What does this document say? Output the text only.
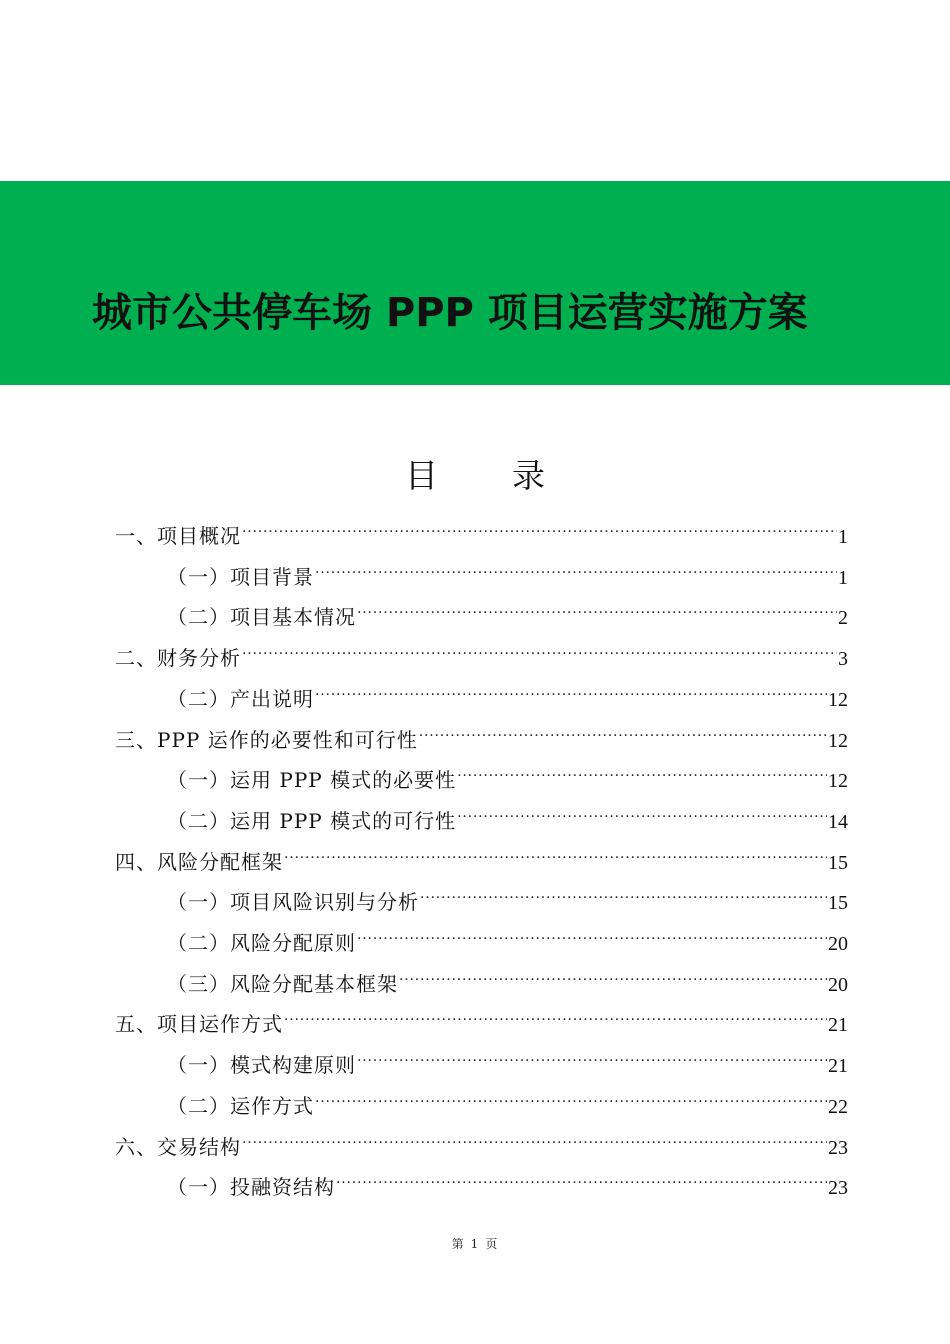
城市公共停车场 PPP 项目运营实施方案
目 录
一、项目概况 .....	1
（一）项目背景 .....	1
（二）项目基本情况 .....	2
二、财务分析 .....	3
（二）产出说明 .....	12
三、PPP 运作的必要性和可行性 .....	12
（一）运用 PPP 模式的必要性 .....	12
（二）运用 PPP 模式的可行性 .....	14
四、风险分配框架 .....	15
（一）项目风险识别与分析 .....	15
（二）风险分配原则 .....	20
（三）风险分配基本框架 .....	20
五、项目运作方式 .....	21
（一）模式构建原则 .....	21
（二）运作方式 .....	22
六、交易结构 .....	23
（一）投融资结构 .....	23
第 1 页
